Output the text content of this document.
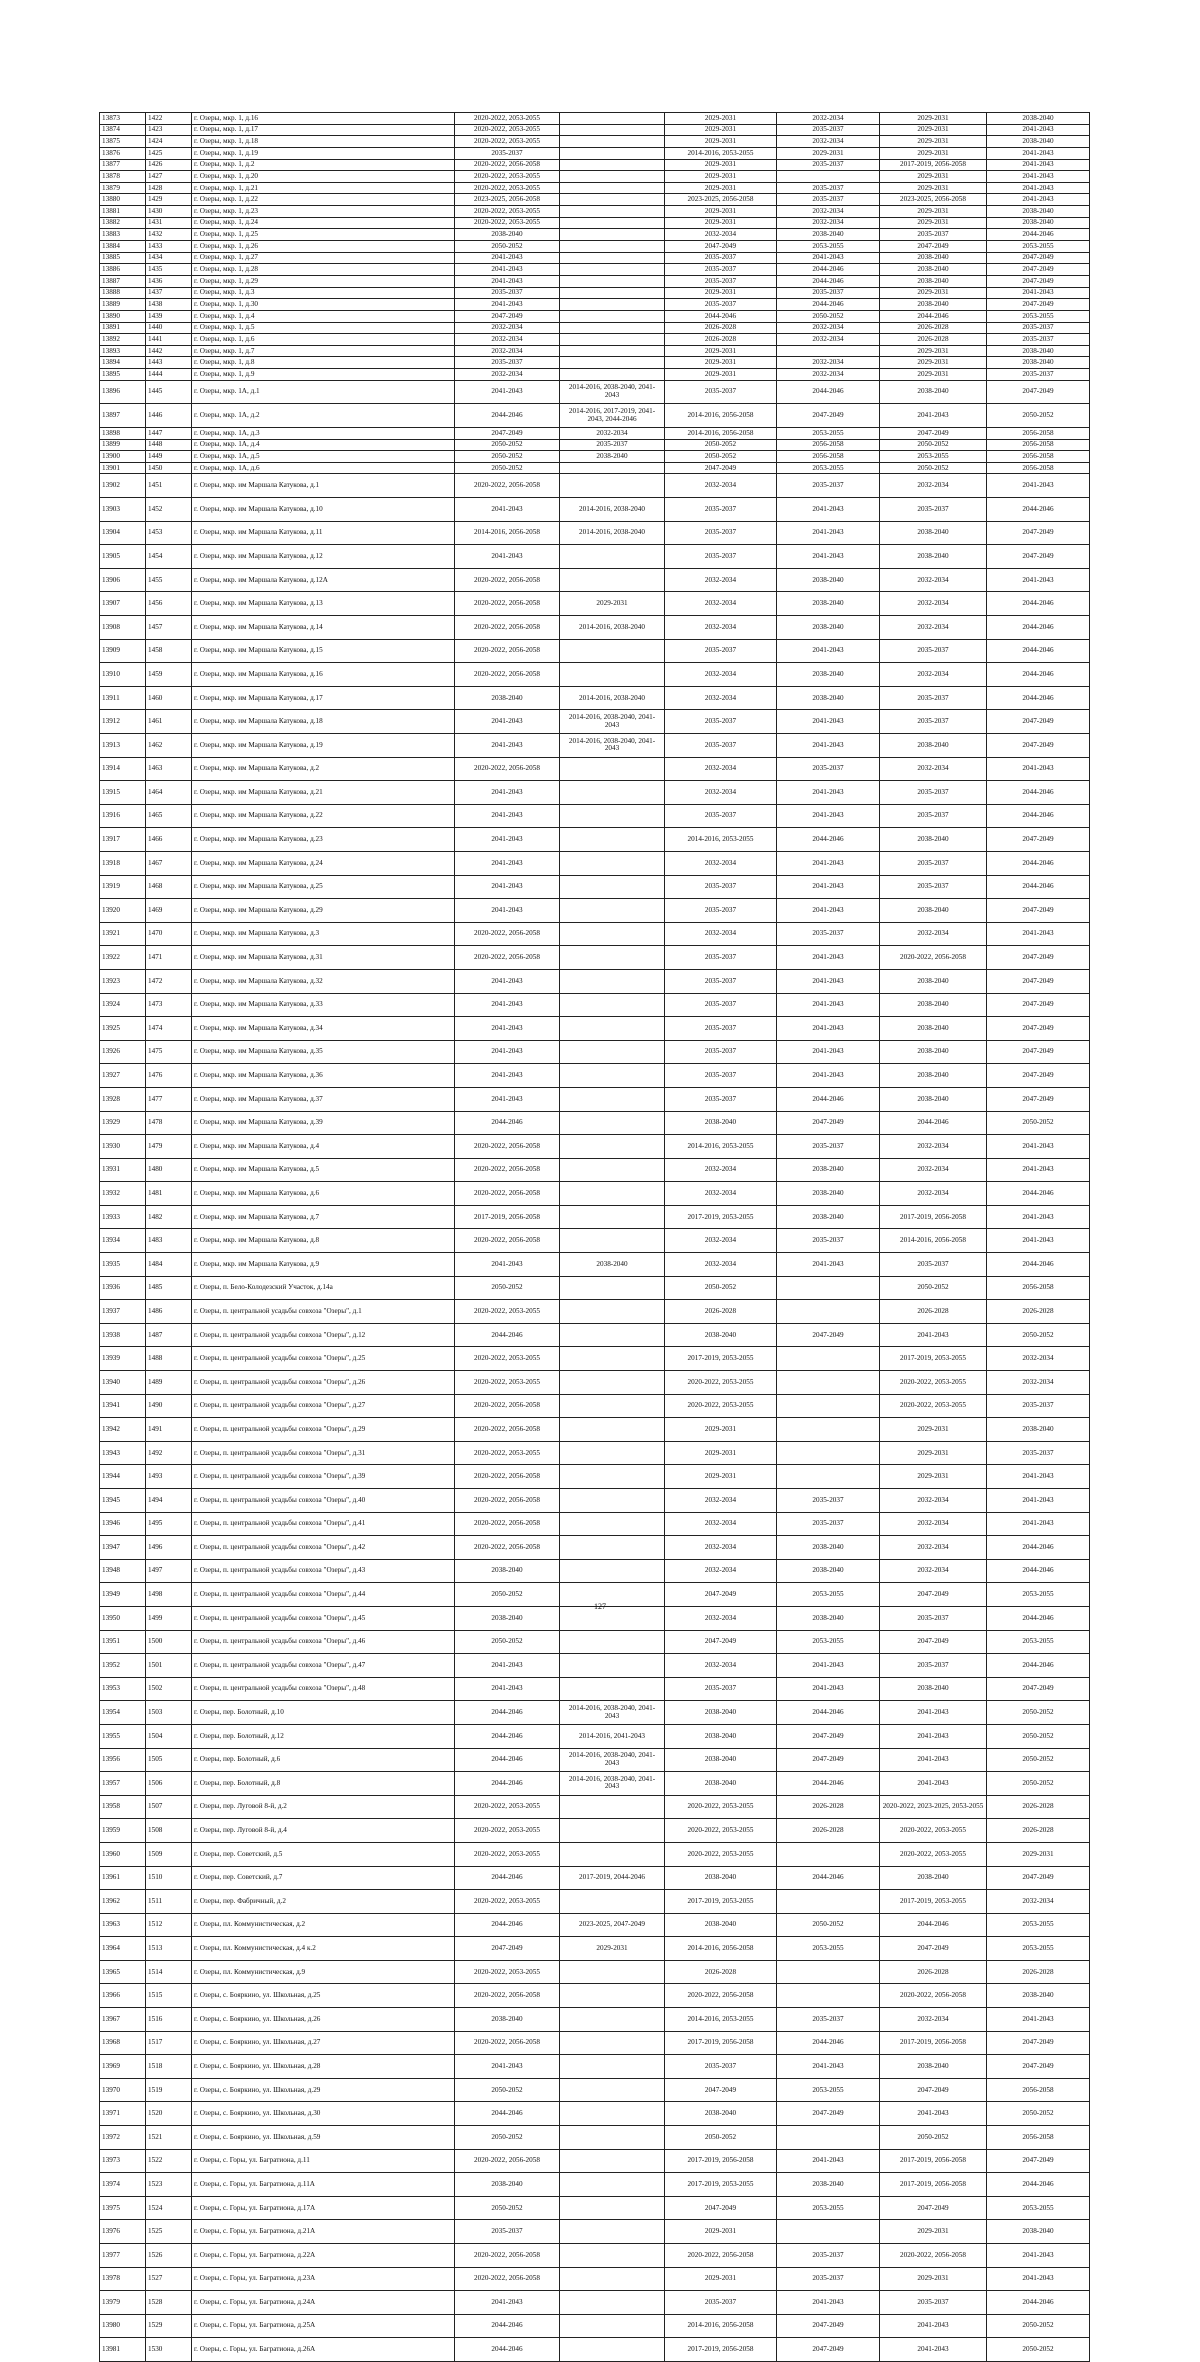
13873	1422	г. Озеры, мкр. 1, д.16	2020-2022, 2053-2055		2029-2031	2032-2034	2029-2031	2038-2040
13874	1423	г. Озеры, мкр. 1, д.17	2020-2022, 2053-2055		2029-2031	2035-2037	2029-2031	2041-2043
13875	1424	г. Озеры, мкр. 1, д.18	2020-2022, 2053-2055		2029-2031	2032-2034	2029-2031	2038-2040
13876	1425	г. Озеры, мкр. 1, д.19	2035-2037		2014-2016, 2053-2055	2029-2031	2029-2031	2041-2043
13877	1426	г. Озеры, мкр. 1, д.2	2020-2022, 2056-2058		2029-2031	2035-2037	2017-2019, 2056-2058	2041-2043
13878	1427	г. Озеры, мкр. 1, д.20	2020-2022, 2053-2055		2029-2031		2029-2031	2041-2043
13879	1428	г. Озеры, мкр. 1, д.21	2020-2022, 2053-2055		2029-2031	2035-2037	2029-2031	2041-2043
13880	1429	г. Озеры, мкр. 1, д.22	2023-2025, 2056-2058		2023-2025, 2056-2058	2035-2037	2023-2025, 2056-2058	2041-2043
13881	1430	г. Озеры, мкр. 1, д.23	2020-2022, 2053-2055		2029-2031	2032-2034	2029-2031	2038-2040
13882	1431	г. Озеры, мкр. 1, д.24	2020-2022, 2053-2055		2029-2031	2032-2034	2029-2031	2038-2040
13883	1432	г. Озеры, мкр. 1, д.25	2038-2040		2032-2034	2038-2040	2035-2037	2044-2046
13884	1433	г. Озеры, мкр. 1, д.26	2050-2052		2047-2049	2053-2055	2047-2049	2053-2055
13885	1434	г. Озеры, мкр. 1, д.27	2041-2043		2035-2037	2041-2043	2038-2040	2047-2049
13886	1435	г. Озеры, мкр. 1, д.28	2041-2043		2035-2037	2044-2046	2038-2040	2047-2049
13887	1436	г. Озеры, мкр. 1, д.29	2041-2043		2035-2037	2044-2046	2038-2040	2047-2049
13888	1437	г. Озеры, мкр. 1, д.3	2035-2037		2029-2031	2035-2037	2029-2031	2041-2043
13889	1438	г. Озеры, мкр. 1, д.30	2041-2043		2035-2037	2044-2046	2038-2040	2047-2049
13890	1439	г. Озеры, мкр. 1, д.4	2047-2049		2044-2046	2050-2052	2044-2046	2053-2055
13891	1440	г. Озеры, мкр. 1, д.5	2032-2034		2026-2028	2032-2034	2026-2028	2035-2037
13892	1441	г. Озеры, мкр. 1, д.6	2032-2034		2026-2028	2032-2034	2026-2028	2035-2037
13893	1442	г. Озеры, мкр. 1, д.7	2032-2034		2029-2031		2029-2031	2038-2040
13894	1443	г. Озеры, мкр. 1, д.8	2035-2037		2029-2031	2032-2034	2029-2031	2038-2040
13895	1444	г. Озеры, мкр. 1, д.9	2032-2034		2029-2031	2032-2034	2029-2031	2035-2037
13896	1445	г. Озеры, мкр. 1А, д.1	2041-2043	2014-2016, 2038-2040, 2041-2043	2035-2037	2044-2046	2038-2040	2047-2049
13897	1446	г. Озеры, мкр. 1А, д.2	2044-2046	2014-2016, 2017-2019, 2041-2043, 2044-2046	2014-2016, 2056-2058	2047-2049	2041-2043	2050-2052
13898	1447	г. Озеры, мкр. 1А, д.3	2047-2049	2032-2034	2014-2016, 2056-2058	2053-2055	2047-2049	2056-2058
13899	1448	г. Озеры, мкр. 1А, д.4	2050-2052	2035-2037	2050-2052	2056-2058	2050-2052	2056-2058
13900	1449	г. Озеры, мкр. 1А, д.5	2050-2052	2038-2040	2050-2052	2056-2058	2053-2055	2056-2058
13901	1450	г. Озеры, мкр. 1А, д.6	2050-2052		2047-2049	2053-2055	2050-2052	2056-2058
13902	1451	г. Озеры, мкр. им Маршала Катукова, д.1	2020-2022, 2056-2058		2032-2034	2035-2037	2032-2034	2041-2043
13903	1452	г. Озеры, мкр. им Маршала Катукова, д.10	2041-2043	2014-2016, 2038-2040	2035-2037	2041-2043	2035-2037	2044-2046
13904	1453	г. Озеры, мкр. им Маршала Катукова, д.11	2014-2016, 2056-2058	2014-2016, 2038-2040	2035-2037	2041-2043	2038-2040	2047-2049
13905	1454	г. Озеры, мкр. им Маршала Катукова, д.12	2041-2043		2035-2037	2041-2043	2038-2040	2047-2049
13906	1455	г. Озеры, мкр. им Маршала Катукова, д.12А	2020-2022, 2056-2058		2032-2034	2038-2040	2032-2034	2041-2043
13907	1456	г. Озеры, мкр. им Маршала Катукова, д.13	2020-2022, 2056-2058	2029-2031	2032-2034	2038-2040	2032-2034	2044-2046
13908	1457	г. Озеры, мкр. им Маршала Катукова, д.14	2020-2022, 2056-2058	2014-2016, 2038-2040	2032-2034	2038-2040	2032-2034	2044-2046
13909	1458	г. Озеры, мкр. им Маршала Катукова, д.15	2020-2022, 2056-2058		2035-2037	2041-2043	2035-2037	2044-2046
13910	1459	г. Озеры, мкр. им Маршала Катукова, д.16	2020-2022, 2056-2058		2032-2034	2038-2040	2032-2034	2044-2046
13911	1460	г. Озеры, мкр. им Маршала Катукова, д.17	2038-2040	2014-2016, 2038-2040	2032-2034	2038-2040	2035-2037	2044-2046
13912	1461	г. Озеры, мкр. им Маршала Катукова, д.18	2041-2043	2014-2016, 2038-2040, 2041-2043	2035-2037	2041-2043	2035-2037	2047-2049
13913	1462	г. Озеры, мкр. им Маршала Катукова, д.19	2041-2043	2014-2016, 2038-2040, 2041-2043	2035-2037	2041-2043	2038-2040	2047-2049
13914	1463	г. Озеры, мкр. им Маршала Катукова, д.2	2020-2022, 2056-2058		2032-2034	2035-2037	2032-2034	2041-2043
13915	1464	г. Озеры, мкр. им Маршала Катукова, д.21	2041-2043		2032-2034	2041-2043	2035-2037	2044-2046
13916	1465	г. Озеры, мкр. им Маршала Катукова, д.22	2041-2043		2035-2037	2041-2043	2035-2037	2044-2046
13917	1466	г. Озеры, мкр. им Маршала Катукова, д.23	2041-2043		2014-2016, 2053-2055	2044-2046	2038-2040	2047-2049
13918	1467	г. Озеры, мкр. им Маршала Катукова, д.24	2041-2043		2032-2034	2041-2043	2035-2037	2044-2046
13919	1468	г. Озеры, мкр. им Маршала Катукова, д.25	2041-2043		2035-2037	2041-2043	2035-2037	2044-2046
13920	1469	г. Озеры, мкр. им Маршала Катукова, д.29	2041-2043		2035-2037	2041-2043	2038-2040	2047-2049
13921	1470	г. Озеры, мкр. им Маршала Катукова, д.3	2020-2022, 2056-2058		2032-2034	2035-2037	2032-2034	2041-2043
13922	1471	г. Озеры, мкр. им Маршала Катукова, д.31	2020-2022, 2056-2058		2035-2037	2041-2043	2020-2022, 2056-2058	2047-2049
13923	1472	г. Озеры, мкр. им Маршала Катукова, д.32	2041-2043		2035-2037	2041-2043	2038-2040	2047-2049
13924	1473	г. Озеры, мкр. им Маршала Катукова, д.33	2041-2043		2035-2037	2041-2043	2038-2040	2047-2049
13925	1474	г. Озеры, мкр. им Маршала Катукова, д.34	2041-2043		2035-2037	2041-2043	2038-2040	2047-2049
13926	1475	г. Озеры, мкр. им Маршала Катукова, д.35	2041-2043		2035-2037	2041-2043	2038-2040	2047-2049
13927	1476	г. Озеры, мкр. им Маршала Катукова, д.36	2041-2043		2035-2037	2041-2043	2038-2040	2047-2049
13928	1477	г. Озеры, мкр. им Маршала Катукова, д.37	2041-2043		2035-2037	2044-2046	2038-2040	2047-2049
13929	1478	г. Озеры, мкр. им Маршала Катукова, д.39	2044-2046		2038-2040	2047-2049	2044-2046	2050-2052
13930	1479	г. Озеры, мкр. им Маршала Катукова, д.4	2020-2022, 2056-2058		2014-2016, 2053-2055	2035-2037	2032-2034	2041-2043
13931	1480	г. Озеры, мкр. им Маршала Катукова, д.5	2020-2022, 2056-2058		2032-2034	2038-2040	2032-2034	2041-2043
13932	1481	г. Озеры, мкр. им Маршала Катукова, д.6	2020-2022, 2056-2058		2032-2034	2038-2040	2032-2034	2044-2046
13933	1482	г. Озеры, мкр. им Маршала Катукова, д.7	2017-2019, 2056-2058		2017-2019, 2053-2055	2038-2040	2017-2019, 2056-2058	2041-2043
13934	1483	г. Озеры, мкр. им Маршала Катукова, д.8	2020-2022, 2056-2058		2032-2034	2035-2037	2014-2016, 2056-2058	2041-2043
13935	1484	г. Озеры, мкр. им Маршала Катукова, д.9	2041-2043	2038-2040	2032-2034	2041-2043	2035-2037	2044-2046
13936	1485	г. Озеры, п. Бело-Колодезский Участок, д.14а	2050-2052		2050-2052		2050-2052	2056-2058
13937	1486	г. Озеры, п. центральной усадьбы совхоза "Озеры", д.1	2020-2022, 2053-2055		2026-2028		2026-2028	2026-2028
13938	1487	г. Озеры, п. центральной усадьбы совхоза "Озеры", д.12	2044-2046		2038-2040	2047-2049	2041-2043	2050-2052
13939	1488	г. Озеры, п. центральной усадьбы совхоза "Озеры", д.25	2020-2022, 2053-2055		2017-2019, 2053-2055		2017-2019, 2053-2055	2032-2034
13940	1489	г. Озеры, п. центральной усадьбы совхоза "Озеры", д.26	2020-2022, 2053-2055		2020-2022, 2053-2055		2020-2022, 2053-2055	2032-2034
13941	1490	г. Озеры, п. центральной усадьбы совхоза "Озеры", д.27	2020-2022, 2056-2058		2020-2022, 2053-2055		2020-2022, 2053-2055	2035-2037
13942	1491	г. Озеры, п. центральной усадьбы совхоза "Озеры", д.29	2020-2022, 2056-2058		2029-2031		2029-2031	2038-2040
13943	1492	г. Озеры, п. центральной усадьбы совхоза "Озеры", д.31	2020-2022, 2053-2055		2029-2031		2029-2031	2035-2037
13944	1493	г. Озеры, п. центральной усадьбы совхоза "Озеры", д.39	2020-2022, 2056-2058		2029-2031		2029-2031	2041-2043
13945	1494	г. Озеры, п. центральной усадьбы совхоза "Озеры", д.40	2020-2022, 2056-2058		2032-2034	2035-2037	2032-2034	2041-2043
13946	1495	г. Озеры, п. центральной усадьбы совхоза "Озеры", д.41	2020-2022, 2056-2058		2032-2034	2035-2037	2032-2034	2041-2043
13947	1496	г. Озеры, п. центральной усадьбы совхоза "Озеры", д.42	2020-2022, 2056-2058		2032-2034	2038-2040	2032-2034	2044-2046
13948	1497	г. Озеры, п. центральной усадьбы совхоза "Озеры", д.43	2038-2040		2032-2034	2038-2040	2032-2034	2044-2046
13949	1498	г. Озеры, п. центральной усадьбы совхоза "Озеры", д.44	2050-2052		2047-2049	2053-2055	2047-2049	2053-2055
13950	1499	г. Озеры, п. центральной усадьбы совхоза "Озеры", д.45	2038-2040		2032-2034	2038-2040	2035-2037	2044-2046
13951	1500	г. Озеры, п. центральной усадьбы совхоза "Озеры", д.46	2050-2052		2047-2049	2053-2055	2047-2049	2053-2055
13952	1501	г. Озеры, п. центральной усадьбы совхоза "Озеры", д.47	2041-2043		2032-2034	2041-2043	2035-2037	2044-2046
13953	1502	г. Озеры, п. центральной усадьбы совхоза "Озеры", д.48	2041-2043		2035-2037	2041-2043	2038-2040	2047-2049
13954	1503	г. Озеры, пер. Болотный, д.10	2044-2046	2014-2016, 2038-2040, 2041-2043	2038-2040	2044-2046	2041-2043	2050-2052
13955	1504	г. Озеры, пер. Болотный, д.12	2044-2046	2014-2016, 2041-2043	2038-2040	2047-2049	2041-2043	2050-2052
13956	1505	г. Озеры, пер. Болотный, д.6	2044-2046	2014-2016, 2038-2040, 2041-2043	2038-2040	2047-2049	2041-2043	2050-2052
13957	1506	г. Озеры, пер. Болотный, д.8	2044-2046	2014-2016, 2038-2040, 2041-2043	2038-2040	2044-2046	2041-2043	2050-2052
13958	1507	г. Озеры, пер. Луговой 8-й, д.2	2020-2022, 2053-2055		2020-2022, 2053-2055	2026-2028	2020-2022, 2023-2025, 2053-2055	2026-2028
13959	1508	г. Озеры, пер. Луговой 8-й, д.4	2020-2022, 2053-2055		2020-2022, 2053-2055	2026-2028	2020-2022, 2053-2055	2026-2028
13960	1509	г. Озеры, пер. Советский, д.5	2020-2022, 2053-2055		2020-2022, 2053-2055		2020-2022, 2053-2055	2029-2031
13961	1510	г. Озеры, пер. Советский, д.7	2044-2046	2017-2019, 2044-2046	2038-2040	2044-2046	2038-2040	2047-2049
13962	1511	г. Озеры, пер. Фабричный, д.2	2020-2022, 2053-2055		2017-2019, 2053-2055		2017-2019, 2053-2055	2032-2034
13963	1512	г. Озеры, пл. Коммунистическая, д.2	2044-2046	2023-2025, 2047-2049	2038-2040	2050-2052	2044-2046	2053-2055
13964	1513	г. Озеры, пл. Коммунистическая, д.4 к.2	2047-2049	2029-2031	2014-2016, 2056-2058	2053-2055	2047-2049	2053-2055
13965	1514	г. Озеры, пл. Коммунистическая, д.9	2020-2022, 2053-2055		2026-2028		2026-2028	2026-2028
13966	1515	г. Озеры, с. Бояркино, ул. Школьная, д.25	2020-2022, 2056-2058		2020-2022, 2056-2058		2020-2022, 2056-2058	2038-2040
13967	1516	г. Озеры, с. Бояркино, ул. Школьная, д.26	2038-2040		2014-2016, 2053-2055	2035-2037	2032-2034	2041-2043
13968	1517	г. Озеры, с. Бояркино, ул. Школьная, д.27	2020-2022, 2056-2058		2017-2019, 2056-2058	2044-2046	2017-2019, 2056-2058	2047-2049
13969	1518	г. Озеры, с. Бояркино, ул. Школьная, д.28	2041-2043		2035-2037	2041-2043	2038-2040	2047-2049
13970	1519	г. Озеры, с. Бояркино, ул. Школьная, д.29	2050-2052		2047-2049	2053-2055	2047-2049	2056-2058
13971	1520	г. Озеры, с. Бояркино, ул. Школьная, д.30	2044-2046		2038-2040	2047-2049	2041-2043	2050-2052
13972	1521	г. Озеры, с. Бояркино, ул. Школьная, д.59	2050-2052		2050-2052		2050-2052	2056-2058
13973	1522	г. Озеры, с. Горы, ул. Багратиона, д.11	2020-2022, 2056-2058		2017-2019, 2056-2058	2041-2043	2017-2019, 2056-2058	2047-2049
13974	1523	г. Озеры, с. Горы, ул. Багратиона, д.11А	2038-2040		2017-2019, 2053-2055	2038-2040	2017-2019, 2056-2058	2044-2046
13975	1524	г. Озеры, с. Горы, ул. Багратиона, д.17А	2050-2052		2047-2049	2053-2055	2047-2049	2053-2055
13976	1525	г. Озеры, с. Горы, ул. Багратиона, д.21А	2035-2037		2029-2031		2029-2031	2038-2040
13977	1526	г. Озеры, с. Горы, ул. Багратиона, д.22А	2020-2022, 2056-2058		2020-2022, 2056-2058	2035-2037	2020-2022, 2056-2058	2041-2043
13978	1527	г. Озеры, с. Горы, ул. Багратиона, д.23А	2020-2022, 2056-2058		2029-2031	2035-2037	2029-2031	2041-2043
13979	1528	г. Озеры, с. Горы, ул. Багратиона, д.24А	2041-2043		2035-2037	2041-2043	2035-2037	2044-2046
13980	1529	г. Озеры, с. Горы, ул. Багратиона, д.25А	2044-2046		2014-2016, 2056-2058	2047-2049	2041-2043	2050-2052
13981	1530	г. Озеры, с. Горы, ул. Багратиона, д.26А	2044-2046		2017-2019, 2056-2058	2047-2049	2041-2043	2050-2052
127
